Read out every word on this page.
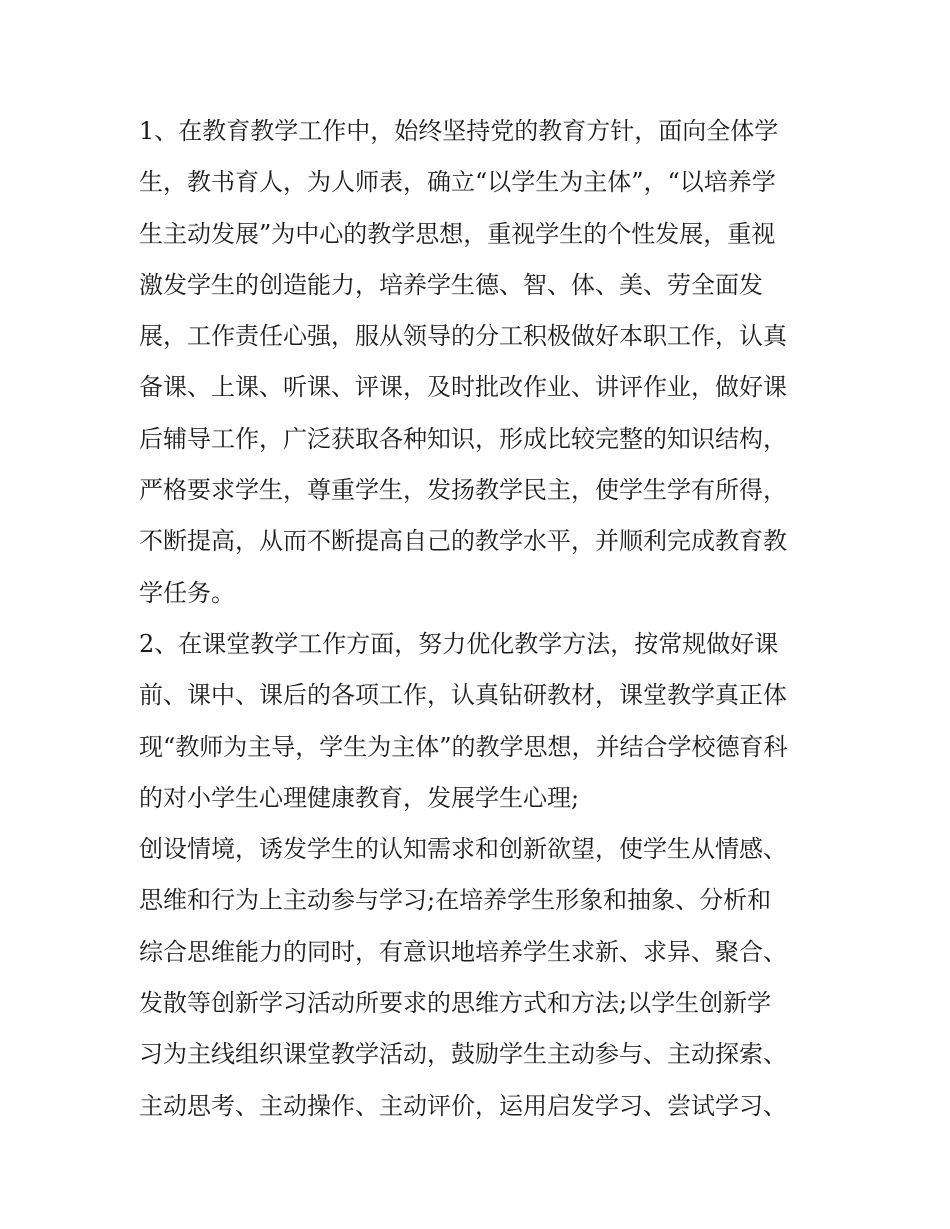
1、在教育教学工作中，始终坚持党的教育方针，面向全体学
生，教书育人，为人师表，确立“以学生为主体”，“以培养学
生主动发展”为中心的教学思想，重视学生的个性发展，重视
激发学生的创造能力，培养学生德、智、体、美、劳全面发
展，工作责任心强，服从领导的分工积极做好本职工作，认真
备课、上课、听课、评课，及时批改作业、讲评作业，做好课
后辅导工作，广泛获取各种知识，形成比较完整的知识结构，
严格要求学生，尊重学生，发扬教学民主，使学生学有所得，
不断提高，从而不断提高自己的教学水平，并顺利完成教育教
学任务。
2、在课堂教学工作方面，努力优化教学方法，按常规做好课
前、课中、课后的各项工作，认真钻研教材，课堂教学真正体
现“教师为主导，学生为主体”的教学思想，并结合学校德育科
的对小学生心理健康教育，发展学生心理;
创设情境，诱发学生的认知需求和创新欲望，使学生从情感、
思维和行为上主动参与学习;在培养学生形象和抽象、分析和
综合思维能力的同时，有意识地培养学生求新、求异、聚合、
发散等创新学习活动所要求的思维方式和方法;以学生创新学
习为主线组织课堂教学活动，鼓励学生主动参与、主动探索、
主动思考、主动操作、主动评价，运用启发学习、尝试学习、
